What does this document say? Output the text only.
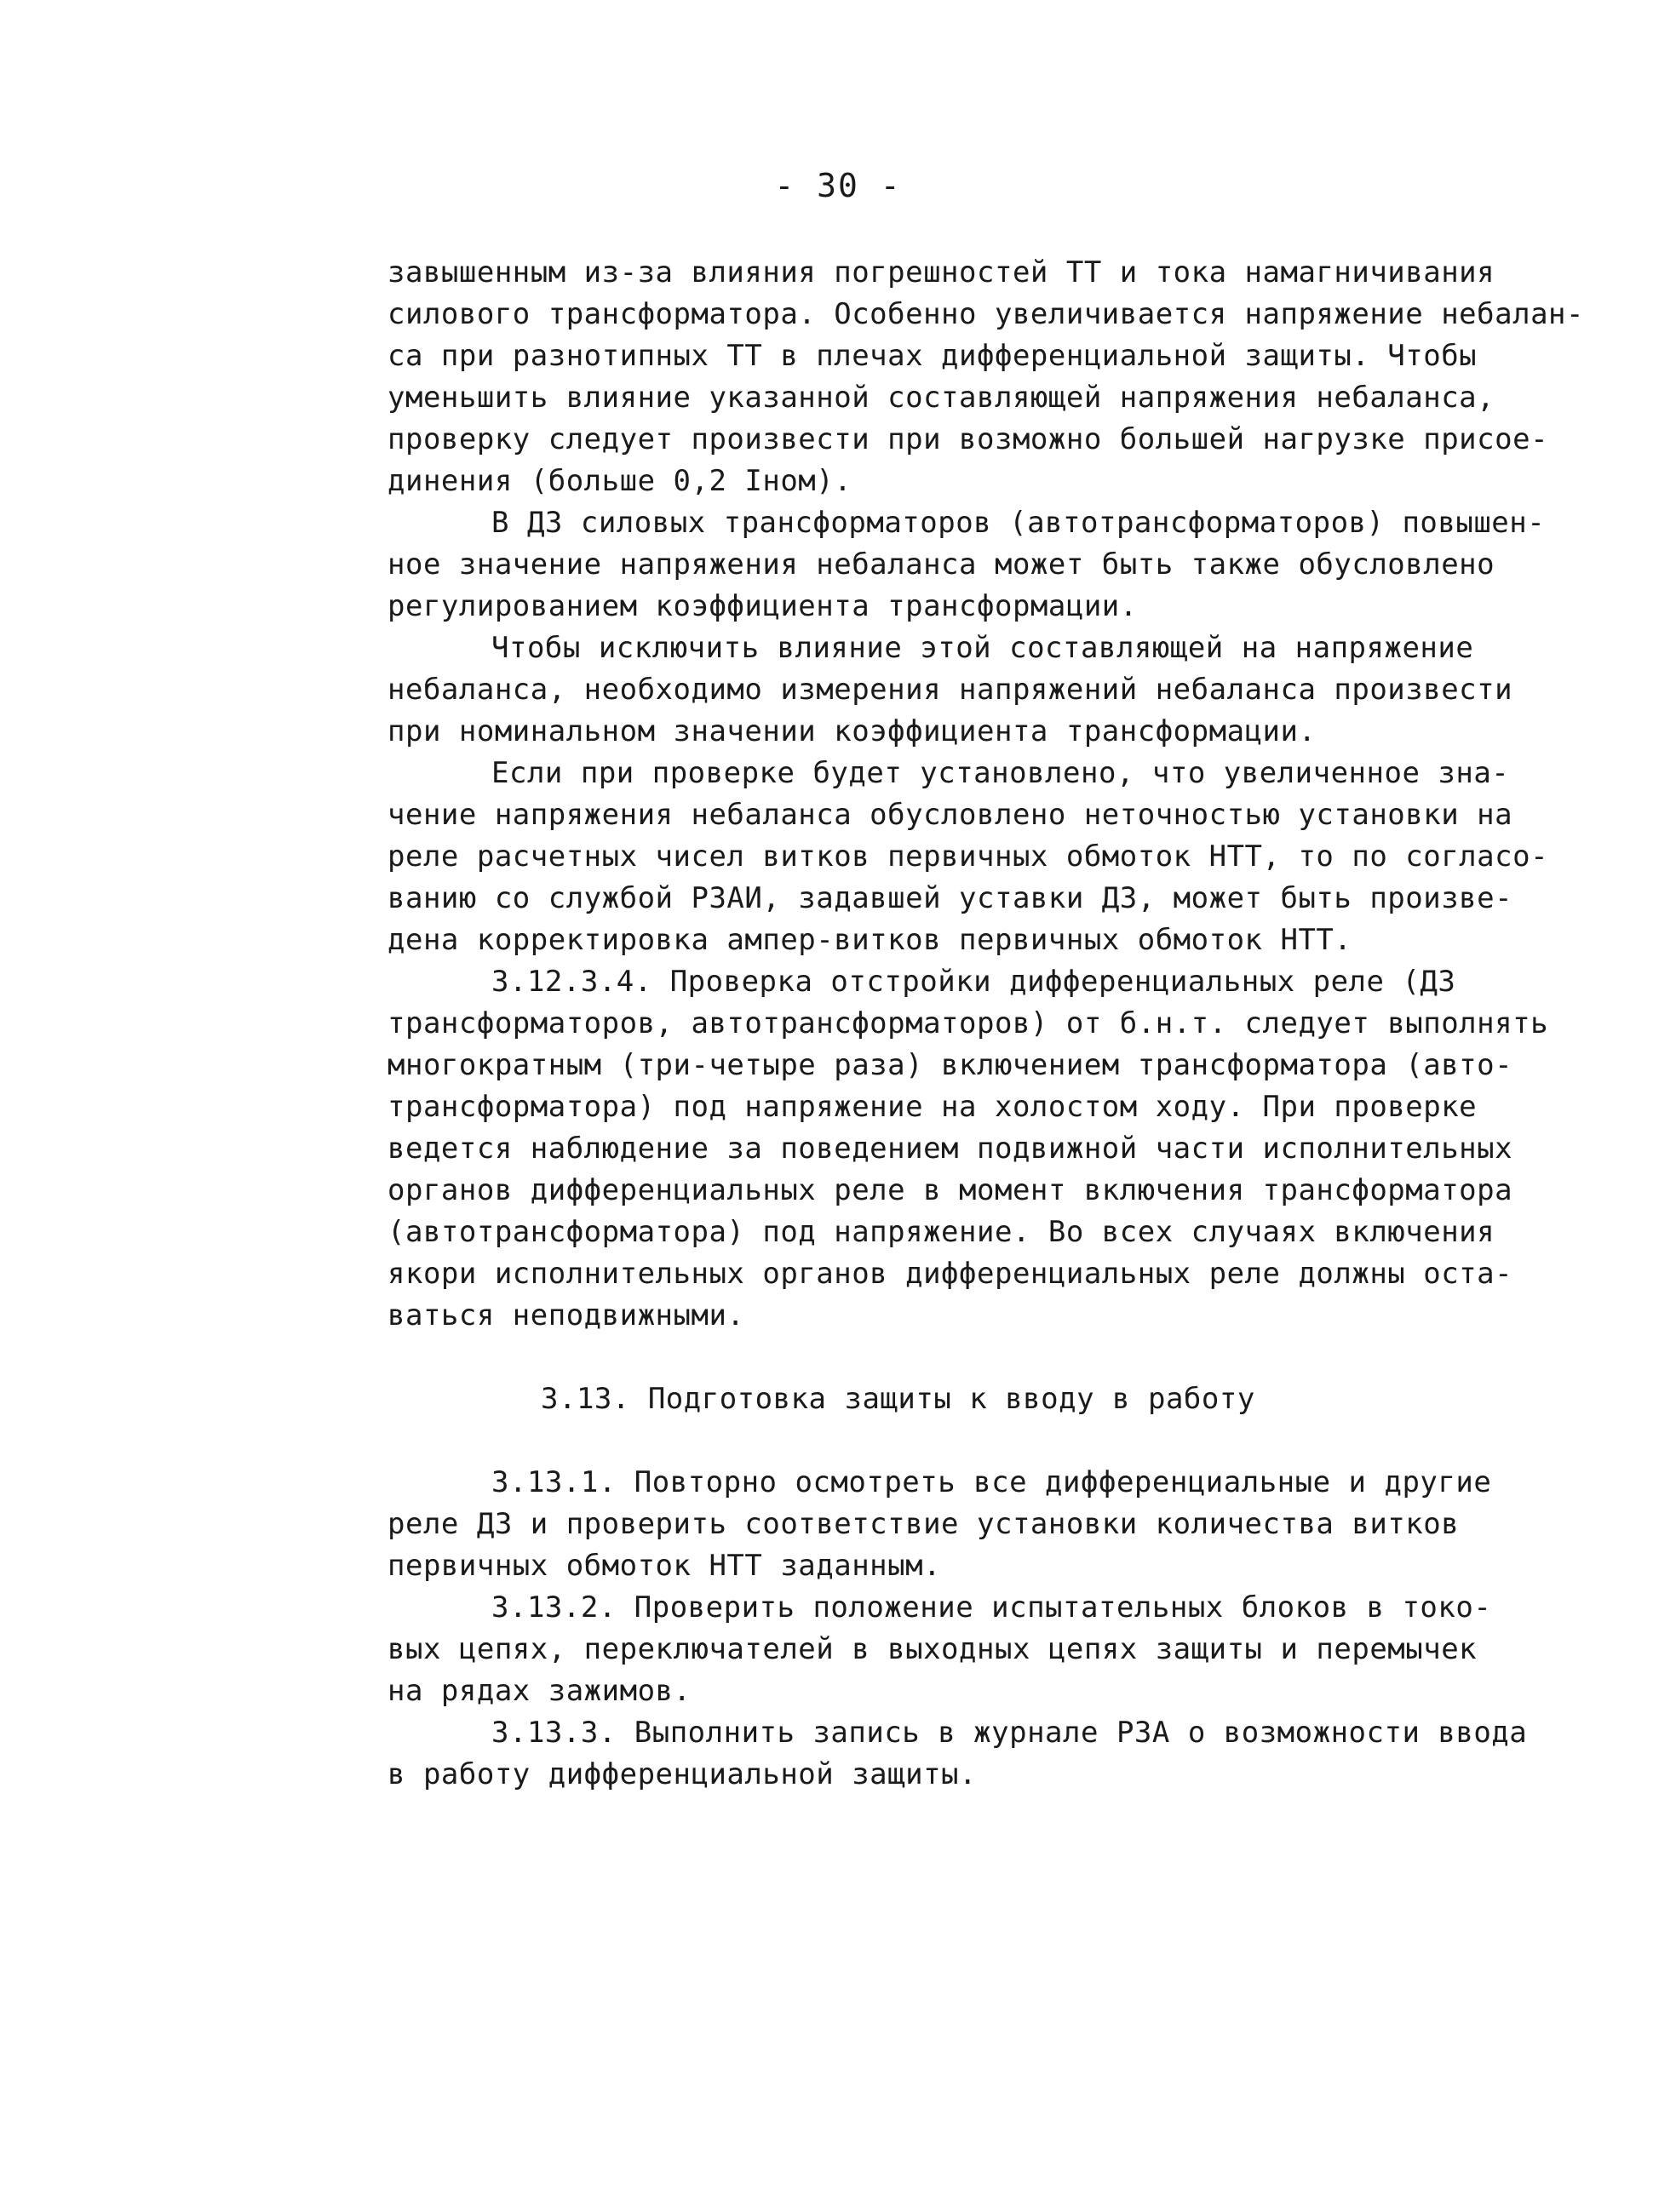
- 30 -
завышенным из-за влияния погрешностей ТТ и тока намагничивания
силового трансформатора. Особенно увеличивается напряжение небалан-
са при разнотипных ТТ в плечах дифференциальной защиты. Чтобы
уменьшить влияние указанной составляющей напряжения небаланса,
проверку следует произвести при возможно большей нагрузке присое-
динения (больше 0,2 Iном).
В ДЗ силовых трансформаторов (автотрансформаторов) повышен-
ное значение напряжения небаланса может быть также обусловлено
регулированием коэффициента трансформации.
Чтобы исключить влияние этой составляющей на напряжение
небаланса, необходимо измерения напряжений небаланса произвести
при номинальном значении коэффициента трансформации.
Если при проверке будет установлено, что увеличенное зна-
чение напряжения небаланса обусловлено неточностью установки на
реле расчетных чисел витков первичных обмоток НТТ, то по согласо-
ванию со службой РЗАИ, задавшей уставки ДЗ, может быть произве-
дена корректировка ампер-витков первичных обмоток НТТ.
3.12.3.4. Проверка отстройки дифференциальных реле (ДЗ
трансформаторов, автотрансформаторов) от б.н.т. следует выполнять
многократным (три-четыре раза) включением трансформатора (авто-
трансформатора) под напряжение на холостом ходу. При проверке
ведется наблюдение за поведением подвижной части исполнительных
органов дифференциальных реле в момент включения трансформатора
(автотрансформатора) под напряжение. Во всех случаях включения
якори исполнительных органов дифференциальных реле должны оста-
ваться неподвижными.
3.13. Подготовка защиты к вводу в работу
3.13.1. Повторно осмотреть все дифференциальные и другие
реле ДЗ и проверить соответствие установки количества витков
первичных обмоток НТТ заданным.
3.13.2. Проверить положение испытательных блоков в токо-
вых цепях, переключателей в выходных цепях защиты и перемычек
на рядах зажимов.
3.13.3. Выполнить запись в журнале РЗА о возможности ввода
в работу дифференциальной защиты.
